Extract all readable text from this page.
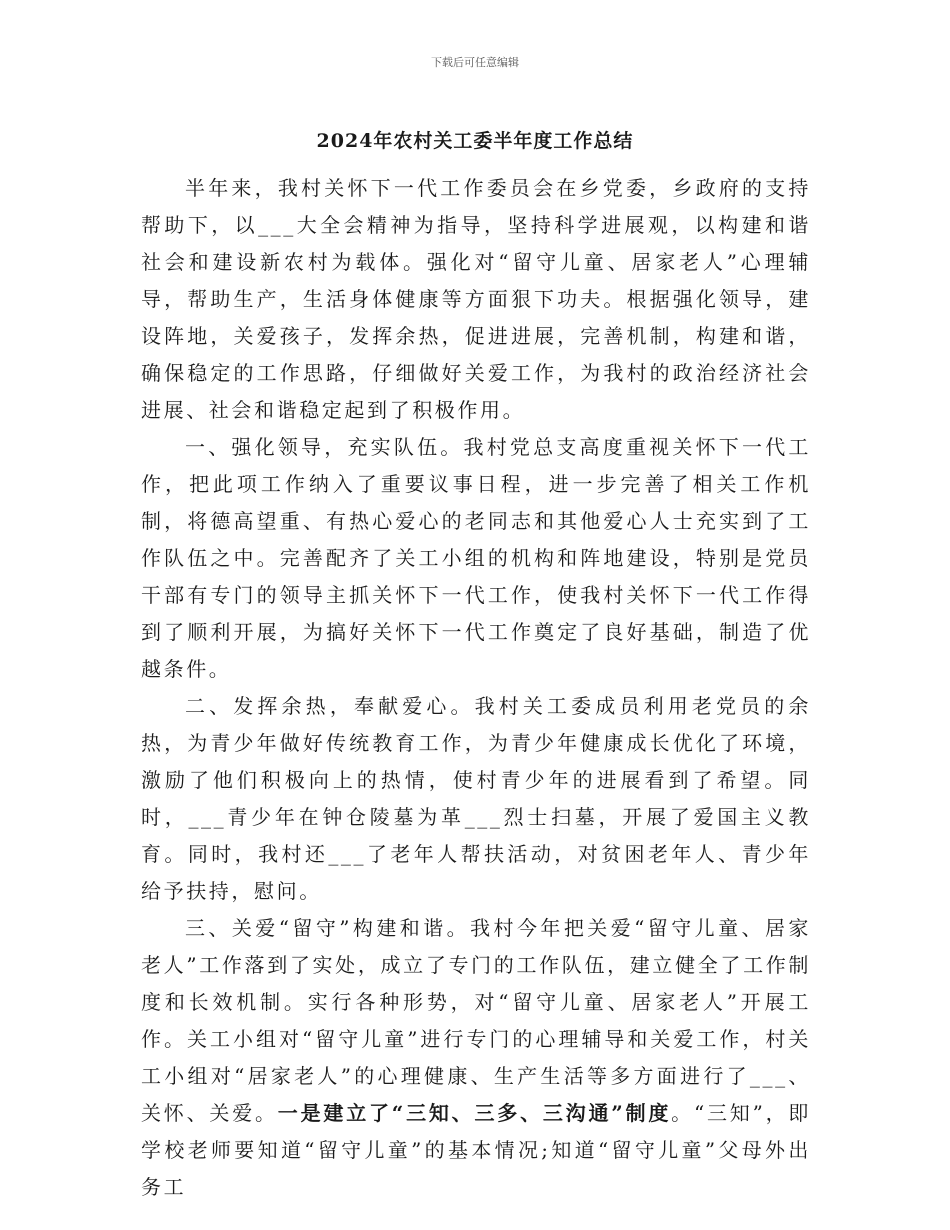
下载后可任意编辑
2024年农村关工委半年度工作总结

半年来，我村关怀下一代工作委员会在乡党委，乡政府的支持帮助下，以___大全会精神为指导，坚持科学进展观，以构建和谐社会和建设新农村为载体。强化对“留守儿童、居家老人”心理辅导，帮助生产，生活身体健康等方面狠下功夫。根据强化领导，建设阵地，关爱孩子，发挥余热，促进进展，完善机制，构建和谐，确保稳定的工作思路，仔细做好关爱工作，为我村的政治经济社会进展、社会和谐稳定起到了积极作用。

一、强化领导，充实队伍。我村党总支高度重视关怀下一代工作，把此项工作纳入了重要议事日程，进一步完善了相关工作机制，将德高望重、有热心爱心的老同志和其他爱心人士充实到了工作队伍之中。完善配齐了关工小组的机构和阵地建设，特别是党员干部有专门的领导主抓关怀下一代工作，使我村关怀下一代工作得到了顺利开展，为搞好关怀下一代工作奠定了良好基础，制造了优越条件。

二、发挥余热，奉献爱心。我村关工委成员利用老党员的余热，为青少年做好传统教育工作，为青少年健康成长优化了环境，激励了他们积极向上的热情，使村青少年的进展看到了希望。同时，___青少年在钟仓陵墓为革___烈士扫墓，开展了爱国主义教育。同时，我村还___了老年人帮扶活动，对贫困老年人、青少年给予扶持，慰问。

三、关爱“留守”构建和谐。我村今年把关爱“留守儿童、居家老人”工作落到了实处，成立了专门的工作队伍，建立健全了工作制度和长效机制。实行各种形势，对“留守儿童、居家老人”开展工作。关工小组对“留守儿童”进行专门的心理辅导和关爱工作，村关工小组对“居家老人”的心理健康、生产生活等多方面进行了___、关怀、关爱。一是建立了“三知、三多、三沟通”制度。“三知”，即学校老师要知道“留守儿童”的基本情况;知道“留守儿童”父母外出务工
